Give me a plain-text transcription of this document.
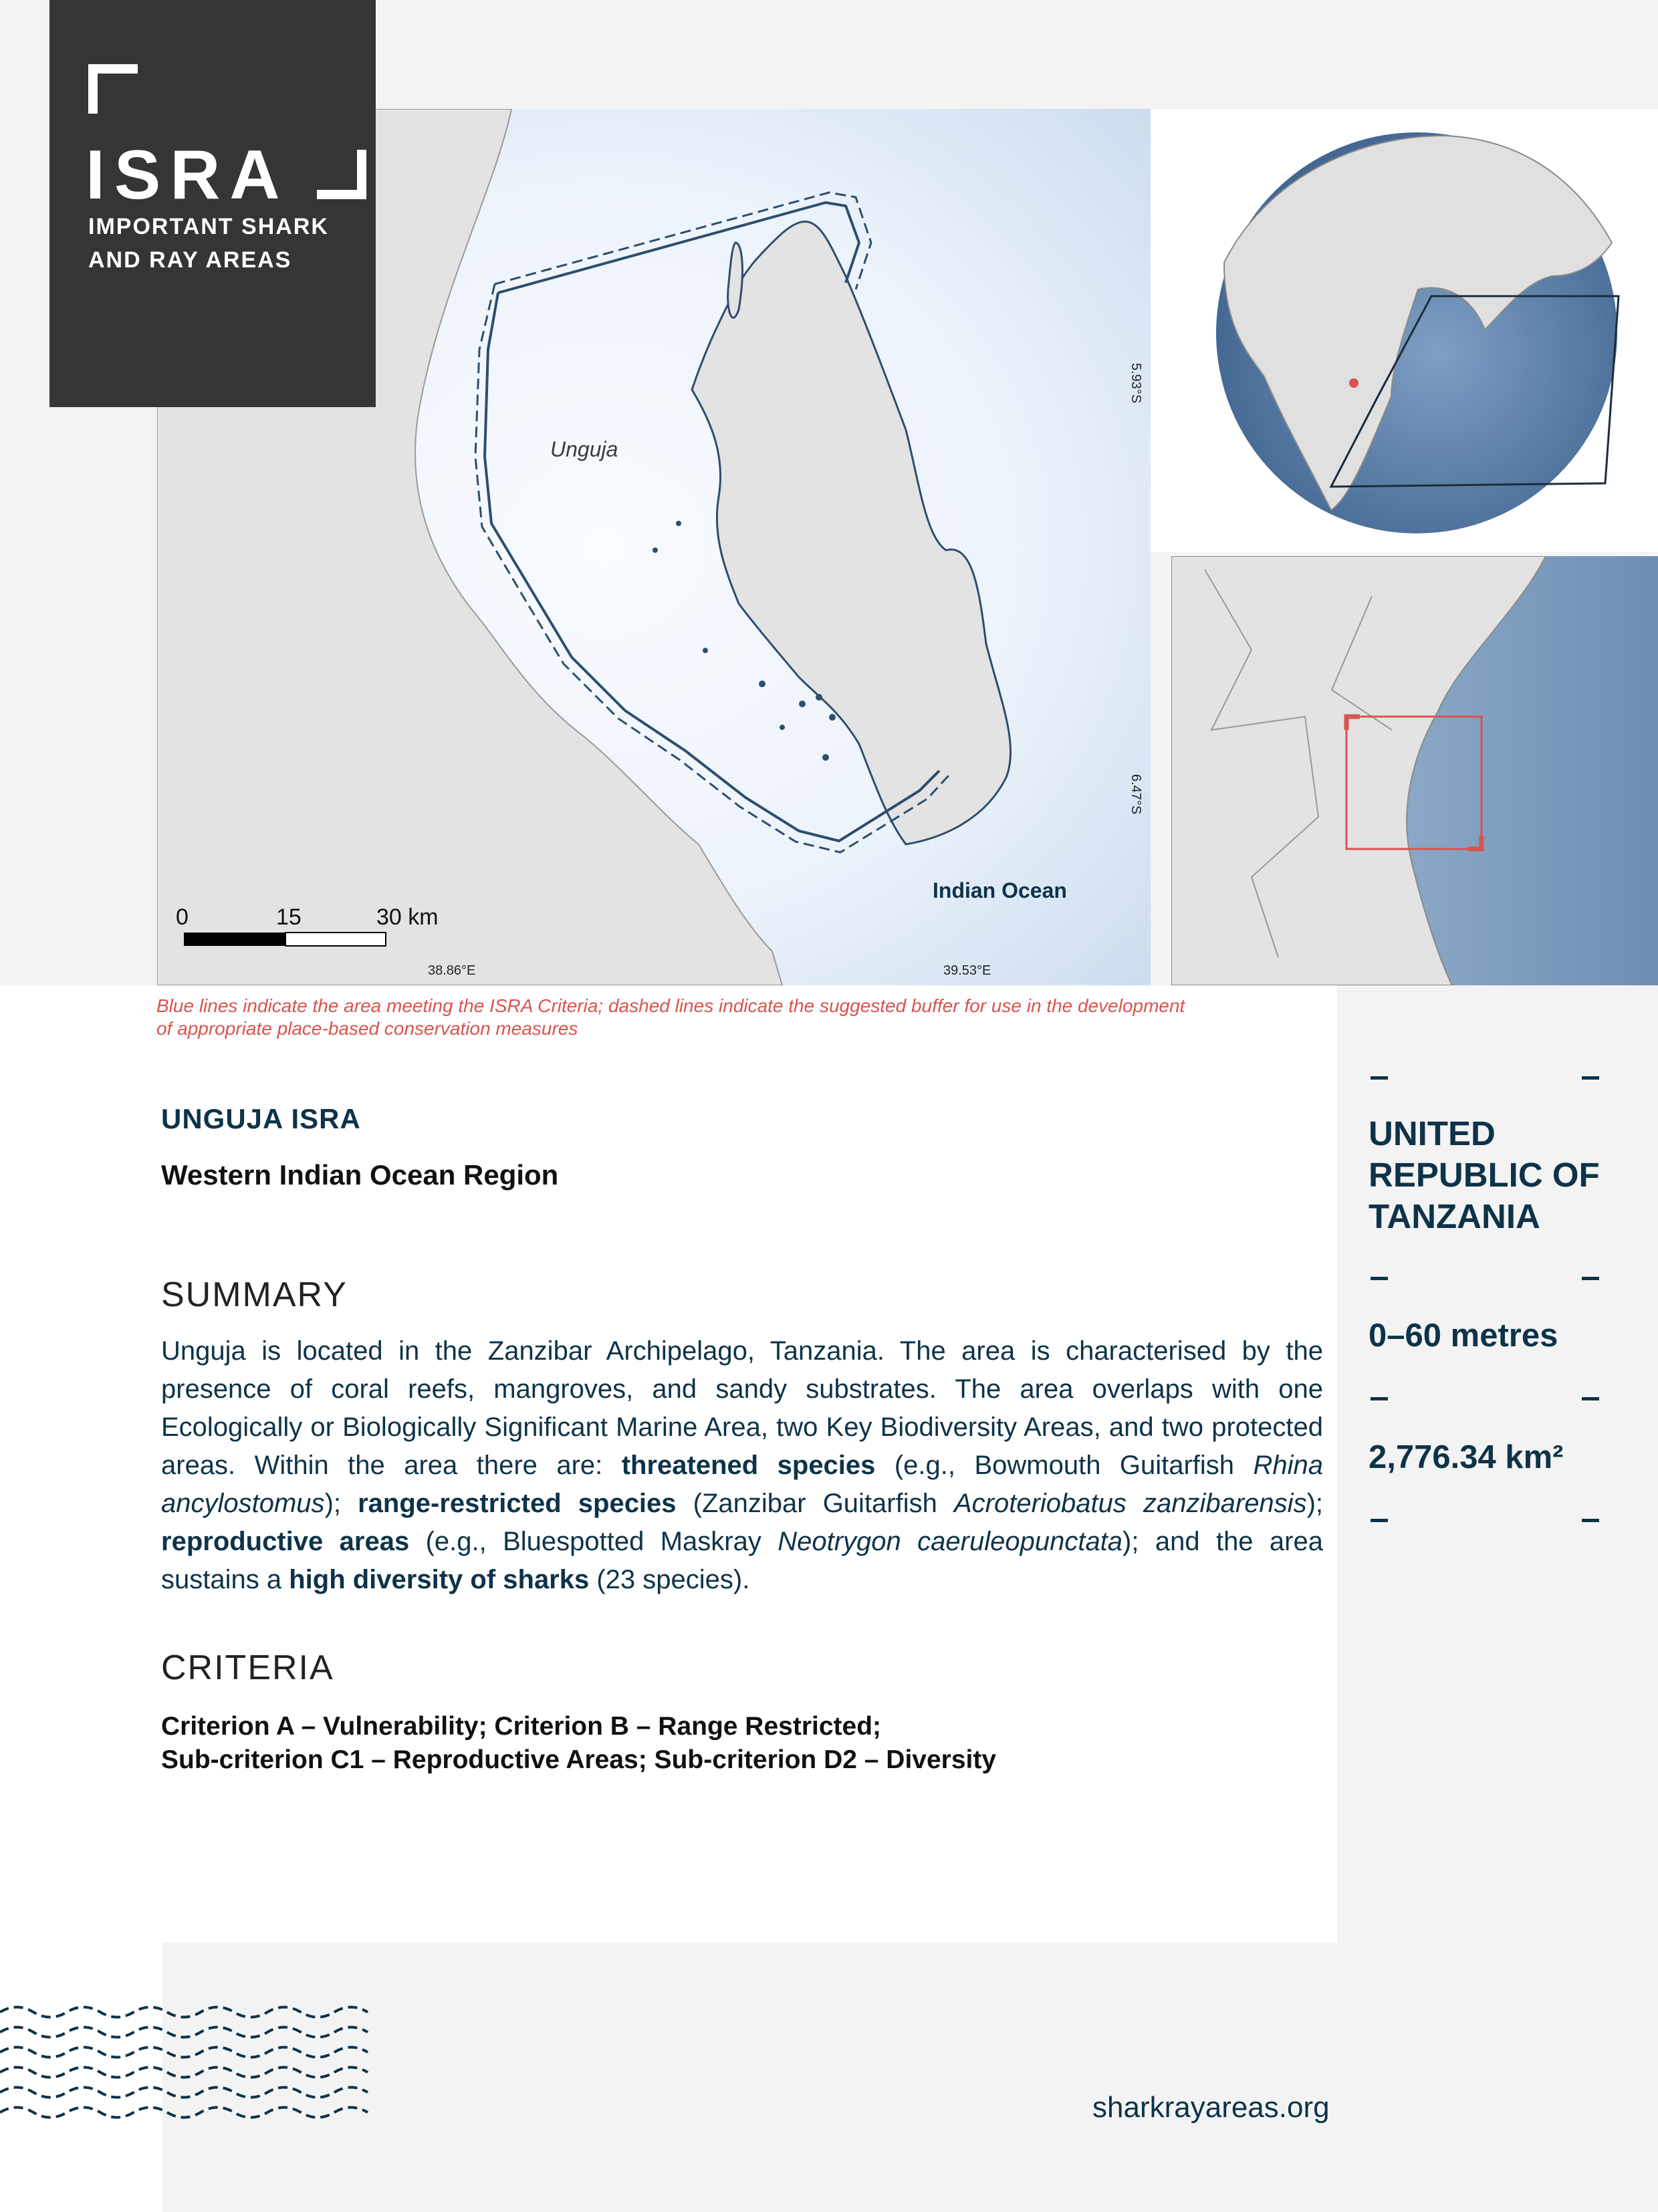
ISRA
IMPORTANT SHARK
AND RAY AREAS
0	15	30 km
Unguja
Indian Ocean
38.86°E	39.53°E
5.93°S
6.47°S
Blue lines indicate the area meeting the ISRA Criteria; dashed lines indicate the suggested buffer for use in the development of appropriate place-based conservation measures
UNGUJA ISRA
Western Indian Ocean Region
SUMMARY
Unguja is located in the Zanzibar Archipelago, Tanzania. The area is characterised by the presence of coral reefs, mangroves, and sandy substrates. The area overlaps with one Ecologically or Biologically Significant Marine Area, two Key Biodiversity Areas, and two protected areas. Within the area there are: threatened species (e.g., Bowmouth Guitarfish Rhina ancylostomus); range-restricted species (Zanzibar Guitarfish Acroteriobatus zanzibarensis); reproductive areas (e.g., Bluespotted Maskray Neotrygon caeruleopunctata); and the area sustains a high diversity of sharks (23 species).
CRITERIA
Criterion A – Vulnerability; Criterion B – Range Restricted;
Sub-criterion C1 – Reproductive Areas; Sub-criterion D2 – Diversity
UNITED REPUBLIC OF TANZANIA
0–60 metres
2,776.34 km²
sharkrayareas.org
